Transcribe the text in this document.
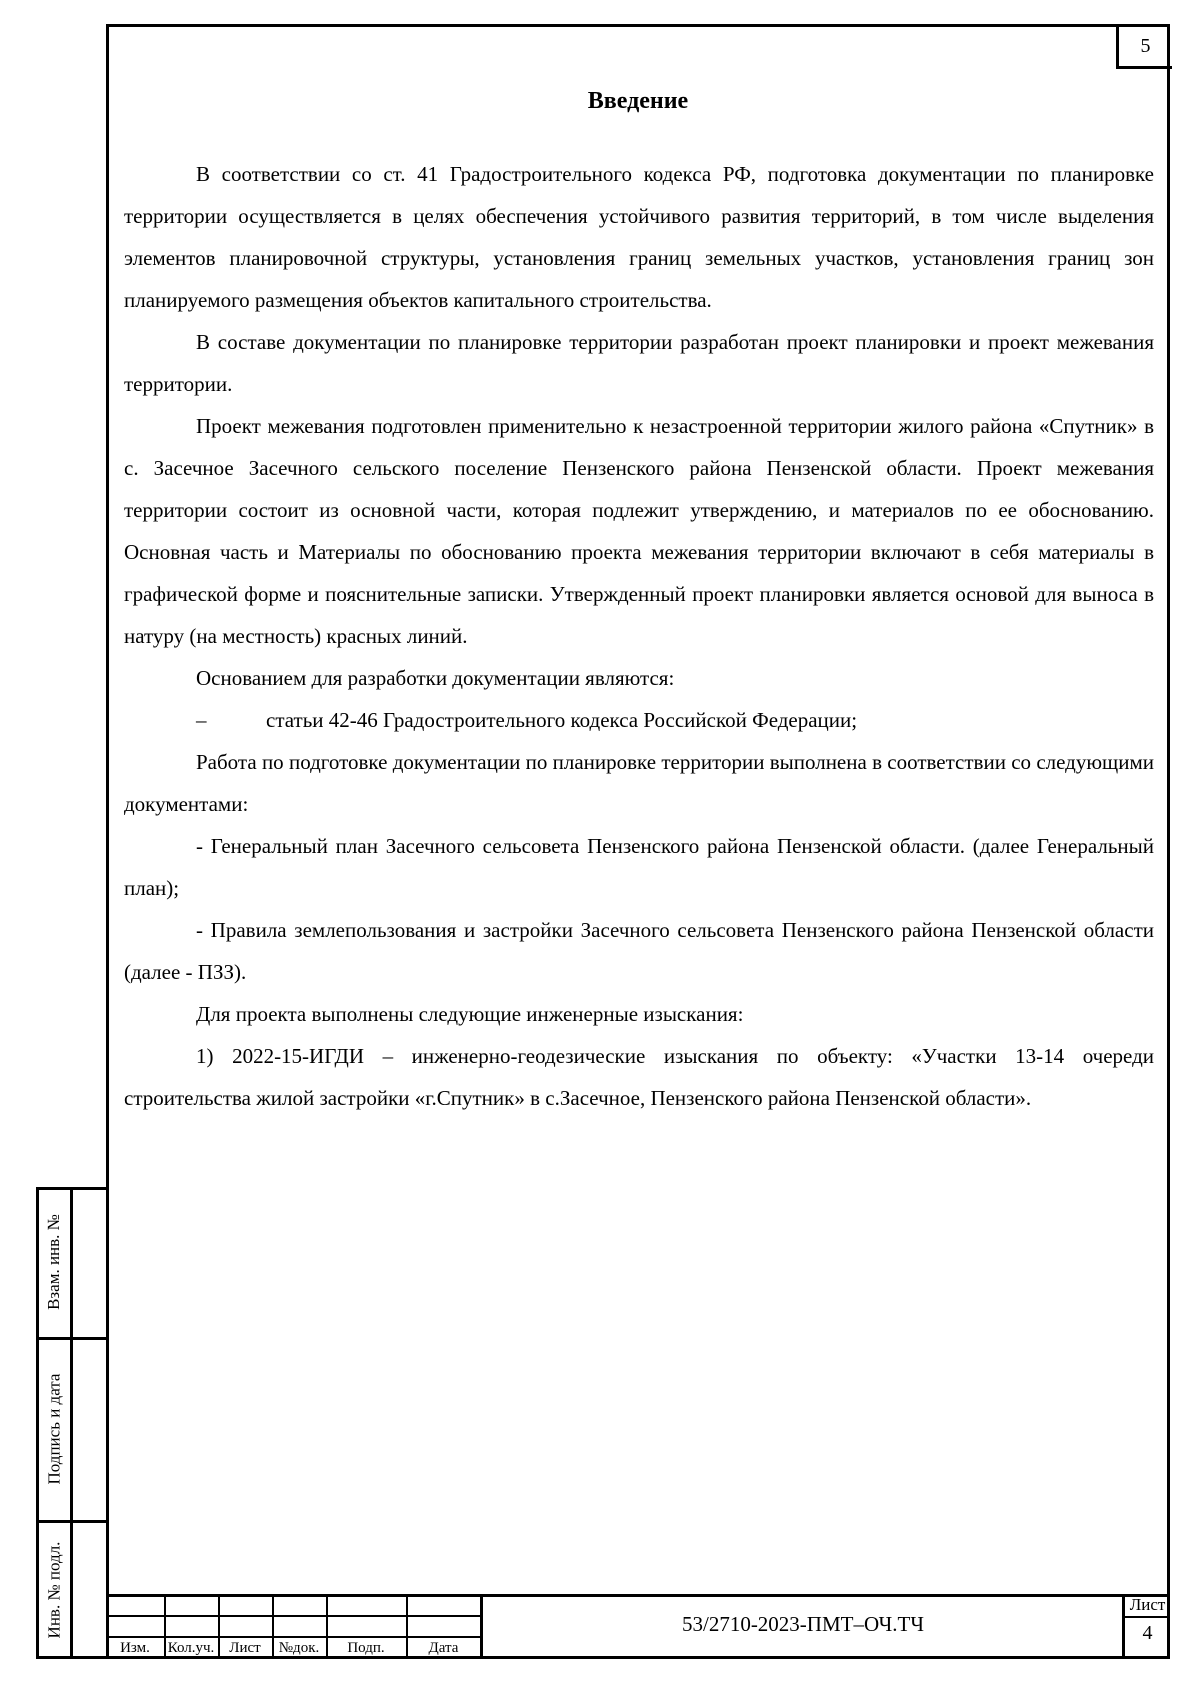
5
Введение

В соответствии со ст. 41 Градостроительного кодекса РФ, подготовка документации по планировке территории осуществляется в целях обеспечения устойчивого развития территорий, в том числе выделения элементов планировочной структуры, установления границ земельных участков, установления границ зон планируемого размещения объектов капитального строительства.

В составе документации по планировке территории разработан проект планировки и проект межевания территории.

Проект межевания подготовлен применительно к незастроенной территории жилого района «Спутник» в с. Засечное Засечного сельского поселение Пензенского района Пензенской области. Проект межевания территории состоит из основной части, которая подлежит утверждению, и материалов по ее обоснованию. Основная часть и Материалы по обоснованию проекта межевания территории включают в себя материалы в графической форме и пояснительные записки. Утвержденный проект планировки является основой для выноса в натуру (на местность) красных линий.

Основанием для разработки документации являются:

–	статьи 42-46 Градостроительного кодекса Российской Федерации;

Работа по подготовке документации по планировке территории выполнена в соответствии со следующими документами:

- Генеральный план Засечного сельсовета Пензенского района Пензенской области. (далее Генеральный план);

- Правила землепользования и застройки Засечного сельсовета Пензенского района Пензенской области (далее - ПЗЗ).

Для проекта выполнены следующие инженерные изыскания:

1) 2022-15-ИГДИ – инженерно-геодезические изыскания по объекту: «Участки 13-14 очереди строительства жилой застройки «г.Спутник» в с.Засечное, Пензенского района Пензенской области».

Взам. инв. №
Подпись и дата
Инв. № подл.
Изм.	Кол.уч. Лист	№док.	Подп.	Дата
53/2710-2023-ПМТ–ОЧ.ТЧ
Лист
4
